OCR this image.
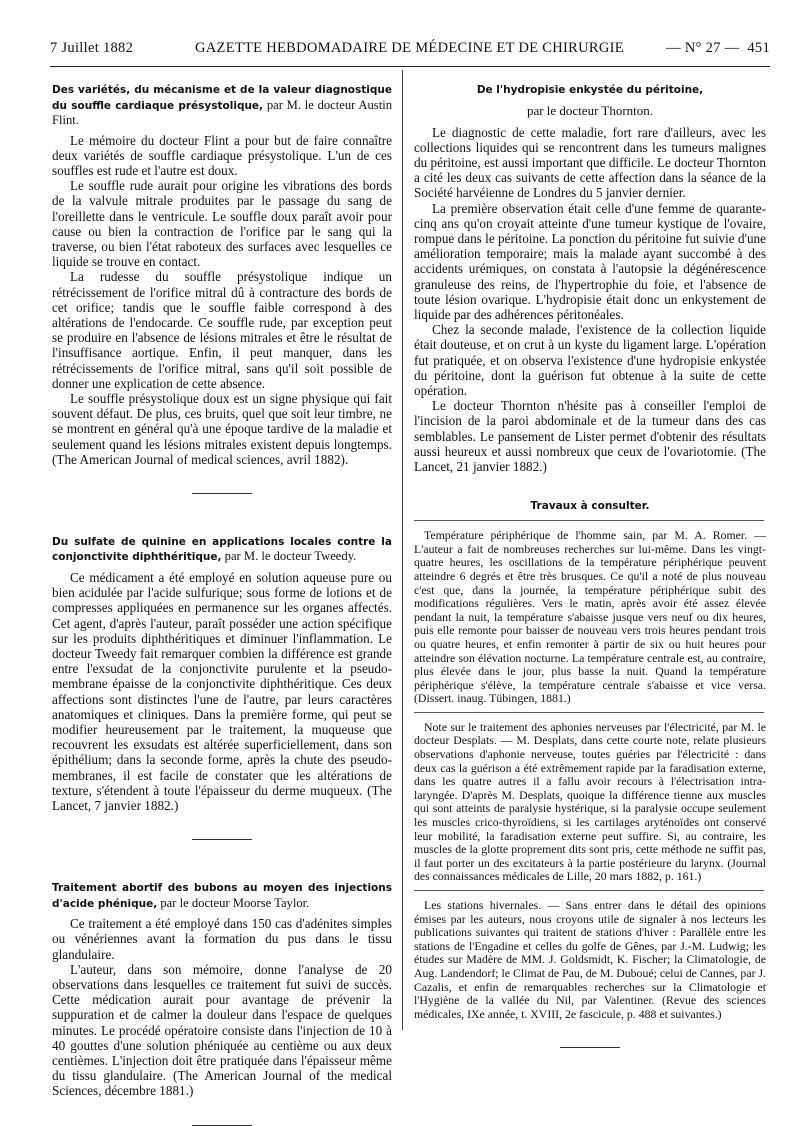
7 Juillet 1882	GAZETTE HEBDOMADAIRE DE MÉDECINE ET DE CHIRURGIE	— N° 27 — 451

Des variétés, du mécanisme et de la valeur diagnostique du souffle cardiaque présystolique, par M. le docteur Austin Flint.

Le mémoire du docteur Flint a pour but de faire connaître deux variétés de souffle cardiaque présystolique. L'un de ces souffles est rude et l'autre est doux.

Le souffle rude aurait pour origine les vibrations des bords de la valvule mitrale produites par le passage du sang de l'oreillette dans le ventricule. Le souffle doux paraît avoir pour cause ou bien la contraction de l'orifice par le sang qui la traverse, ou bien l'état raboteux des surfaces avec lesquelles ce liquide se trouve en contact.

La rudesse du souffle présystolique indique un rétrécissement de l'orifice mitral dû à contracture des bords de cet orifice; tandis que le souffle faible correspond à des altérations de l'endocarde. Ce souffle rude, par exception peut se produire en l'absence de lésions mitrales et être le résultat de l'insuffisance aortique. Enfin, il peut manquer, dans les rétrécissements de l'orifice mitral, sans qu'il soit possible de donner une explication de cette absence.

Le souffle présystolique doux est un signe physique qui fait souvent défaut. De plus, ces bruits, quel que soit leur timbre, ne se montrent en général qu'à une époque tardive de la maladie et seulement quand les lésions mitrales existent depuis longtemps. (The American Journal of medical sciences, avril 1882).

Du sulfate de quinine en applications locales contre la conjonctivite diphthéritique, par M. le docteur Tweedy.

Ce médicament a été employé en solution aqueuse pure ou bien acidulée par l'acide sulfurique; sous forme de lotions et de compresses appliquées en permanence sur les organes affectés. Cet agent, d'après l'auteur, paraît posséder une action spécifique sur les produits diphthéritiques et diminuer l'inflammation. Le docteur Tweedy fait remarquer combien la différence est grande entre l'exsudat de la conjonctivite purulente et la pseudo-membrane épaisse de la conjonctivite diphthéritique. Ces deux affections sont distinctes l'une de l'autre, par leurs caractères anatomiques et cliniques. Dans la première forme, qui peut se modifier heureusement par le traitement, la muqueuse que recouvrent les exsudats est altérée superficiellement, dans son épithélium; dans la seconde forme, après la chute des pseudo-membranes, il est facile de constater que les altérations de texture, s'étendent à toute l'épaisseur du derme muqueux. (The Lancet, 7 janvier 1882.)

Traitement abortif des bubons au moyen des injections d'acide phénique, par le docteur Moorse Taylor.

Ce traitement a été employé dans 150 cas d'adénites simples ou vénériennes avant la formation du pus dans le tissu glandulaire.

L'auteur, dans son mémoire, donne l'analyse de 20 observations dans lesquelles ce traitement fut suivi de succès. Cette médication aurait pour avantage de prévenir la suppuration et de calmer la douleur dans l'espace de quelques minutes. Le procédé opératoire consiste dans l'injection de 10 à 40 gouttes d'une solution phéniquée au centième ou aux deux centièmes. L'injection doit être pratiquée dans l'épaisseur même du tissu glandulaire. (The American Journal of the medical Sciences, décembre 1881.)

De l'hydropisie enkystée du péritoine,

par le docteur Thornton.

Le diagnostic de cette maladie, fort rare d'ailleurs, avec les collections liquides qui se rencontrent dans les tumeurs malignes du péritoine, est aussi important que difficile. Le docteur Thornton a cité les deux cas suivants de cette affection dans la séance de la Société harvéienne de Londres du 5 janvier dernier.

La première observation était celle d'une femme de quarante-cinq ans qu'on croyait atteinte d'une tumeur kystique de l'ovaire, rompue dans le péritoine. La ponction du péritoine fut suivie d'une amélioration temporaire; mais la malade ayant succombé à des accidents urémiques, on constata à l'autopsie la dégénérescence granuleuse des reins, de l'hypertrophie du foie, et l'absence de toute lésion ovarique. L'hydropisie était donc un enkystement de liquide par des adhérences péritonéales.

Chez la seconde malade, l'existence de la collection liquide était douteuse, et on crut à un kyste du ligament large. L'opération fut pratiquée, et on observa l'existence d'une hydropisie enkystée du péritoine, dont la guérison fut obtenue à la suite de cette opération.

Le docteur Thornton n'hésite pas à conseiller l'emploi de l'incision de la paroi abdominale et de la tumeur dans des cas semblables. Le pansement de Lister permet d'obtenir des résultats aussi heureux et aussi nombreux que ceux de l'ovariotomie. (The Lancet, 21 janvier 1882.)

Travaux à consulter.

Température périphérique de l'homme sain, par M. A. Romer. — L'auteur a fait de nombreuses recherches sur lui-même. Dans les vingt-quatre heures, les oscillations de la température périphérique peuvent atteindre 6 degrés et être très brusques. Ce qu'il a noté de plus nouveau c'est que, dans la journée, la température périphérique subit des modifications régulières. Vers le matin, après avoir été assez élevée pendant la nuit, la température s'abaisse jusque vers neuf ou dix heures, puis elle remonte pour baisser de nouveau vers trois heures pendant trois ou quatre heures, et enfin remonter à partir de six ou huit heures pour atteindre son élévation nocturne. La température centrale est, au contraire, plus élevée dans le jour, plus basse la nuit. Quand la température périphérique s'élève, la température centrale s'abaisse et vice versa. (Dissert. inaug. Tübingen, 1881.)

Note sur le traitement des aphonies nerveuses par l'électricité, par M. le docteur Desplats. — M. Desplats, dans cette courte note, relate plusieurs observations d'aphonie nerveuse, toutes guéries par l'électricité : dans deux cas la guérison a été extrêmement rapide par la faradisation externe, dans les quatre autres il a fallu avoir recours à l'électrisation intra-laryngée. D'après M. Desplats, quoique la différence tienne aux muscles qui sont atteints de paralysie hystérique, si la paralysie occupe seulement les muscles crico-thyroïdiens, si les cartilages aryténoïdes ont conservé leur mobilité, la faradisation externe peut suffire. Si, au contraire, les muscles de la glotte proprement dits sont pris, cette méthode ne suffit pas, il faut porter un des excitateurs à la partie postérieure du larynx. (Journal des connaissances médicales de Lille, 20 mars 1882, p. 161.)

Les stations hivernales. — Sans entrer dans le détail des opinions émises par les auteurs, nous croyons utile de signaler à nos lecteurs les publications suivantes qui traitent de stations d'hiver : Parallèle entre les stations de l'Engadine et celles du golfe de Gênes, par J.-M. Ludwig; les études sur Madère de MM. J. Goldsmidt, K. Fischer; la Climatologie, de Aug. Landendorf; le Climat de Pau, de M. Duboué; celui de Cannes, par J. Cazalis, et enfin de remarquables recherches sur la Climatologie et l'Hygiène de la vallée du Nil, par Valentiner. (Revue des sciences médicales, IXe année, t. XVIII, 2e fascicule, p. 488 et suivantes.)
